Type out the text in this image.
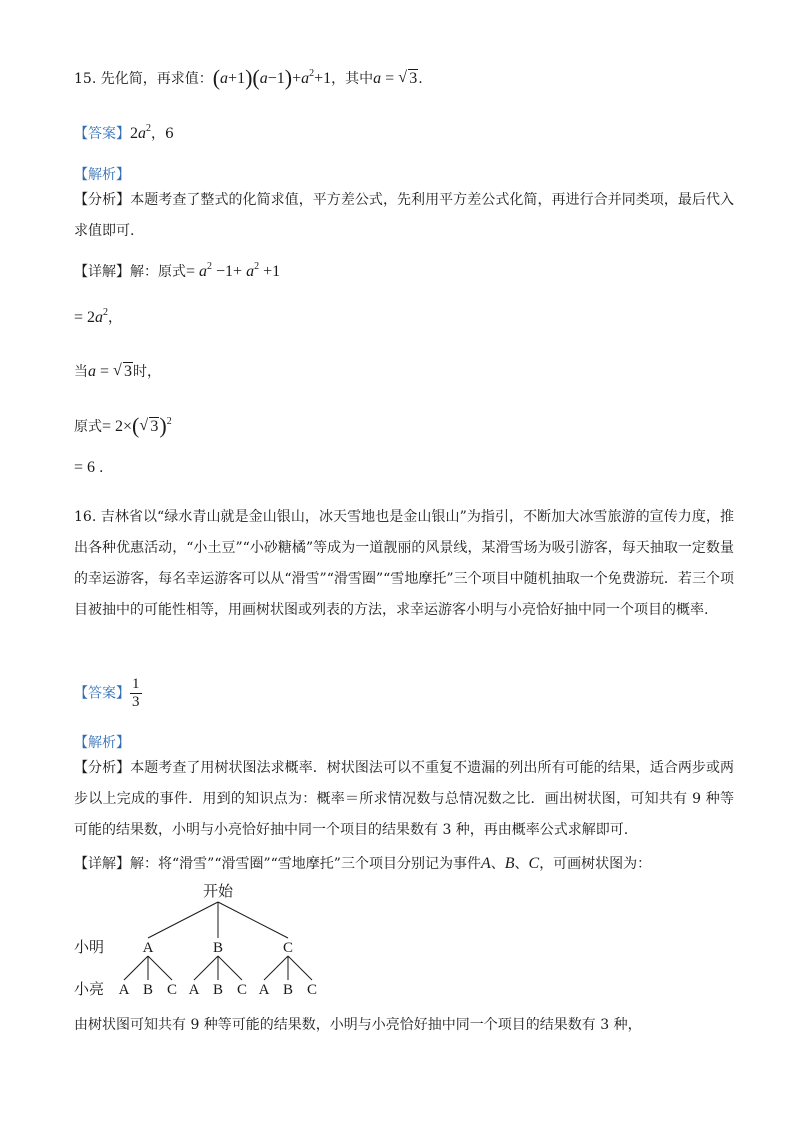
15. 先化简，再求值：$(a+1)(a-1)+a^2+1$，其中a = √ 3.
【答案】$2a^2$，6
【解析】
【分析】本题考查了整式的化简求值，平方差公式，先利用平方差公式化简，再进行合并同类项，最后代入求值即可.
【详解】解：原式= $a^2 -1+ a^2 +1$
= $2a^2$，
当a = √ 3时，
原式= 2×( √ 3)$^2$
= 6 .
16. 吉林省以“绿水青山就是金山银山，冰天雪地也是金山银山”为指引，不断加大冰雪旅游的宣传力度，推出各种优惠活动，“小土豆”“小砂糖橘”等成为一道靓丽的风景线，某滑雪场为吸引游客，每天抽取一定数量的幸运游客，每名幸运游客可以从“滑雪”“滑雪圈”“雪地摩托”三个项目中随机抽取一个免费游玩．若三个项目被抽中的可能性相等，用画树状图或列表的方法，求幸运游客小明与小亮恰好抽中同一个项目的概率.
【答案】 $\frac{1}{3}$
【解析】
【分析】本题考查了用树状图法求概率．树状图法可以不重复不遗漏的列出所有可能的结果，适合两步或两步以上完成的事件．用到的知识点为：概率＝所求情况数与总情况数之比．画出树状图，可知共有 9 种等可能的结果数，小明与小亮恰好抽中同一个项目的结果数有 3 种，再由概率公式求解即可.
【详解】解：将“滑雪”“滑雪圈”“雪地摩托”三个项目分别记为事件A、B、C，可画树状图为：
开始
小明
小亮
A
A B C
B
A B C
C
A B C
由树状图可知共有 9 种等可能的结果数，小明与小亮恰好抽中同一个项目的结果数有 3 种，
